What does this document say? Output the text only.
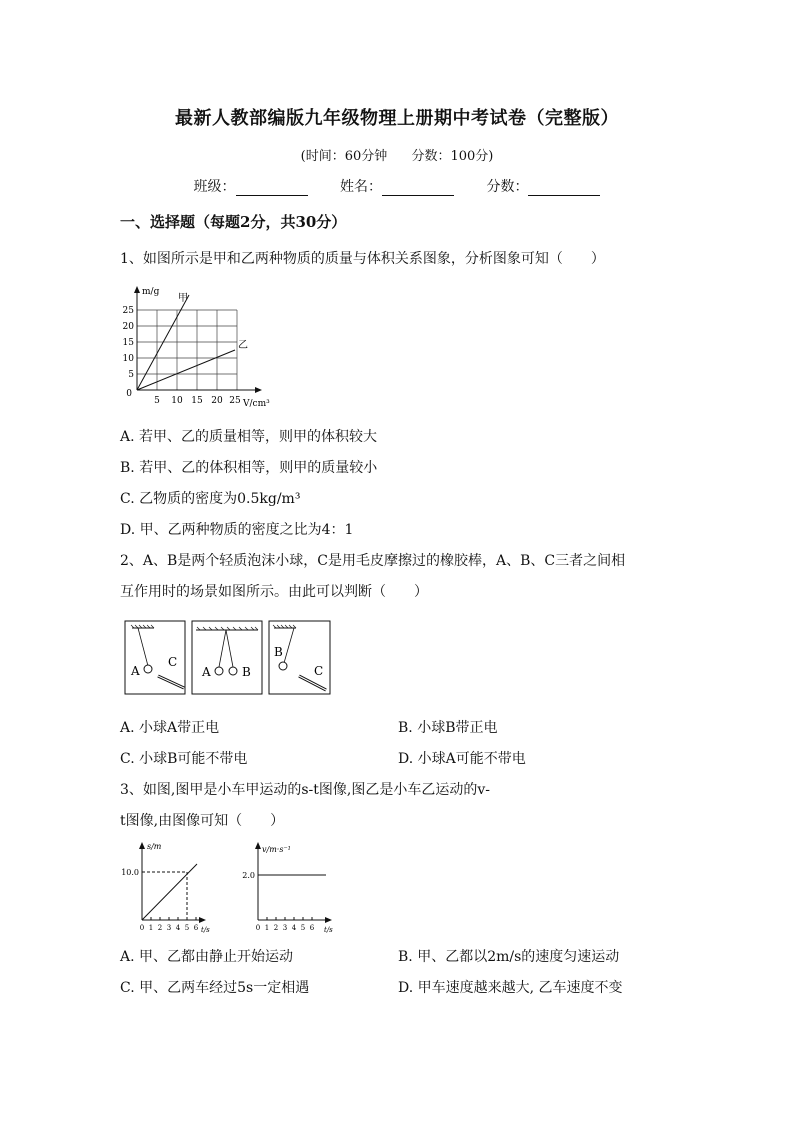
最新人教部编版九年级物理上册期中考试卷（完整版）
(时间：60分钟 分数：100分)
班级：	姓名：	分数：
一、选择题（每题2分，共30分）
1、如图所示是甲和乙两种物质的质量与体积关系图象，分析图象可知（　　）
m/g
甲
乙
25
20
15
10
5
0
5 10 15 20 25 V/cm³
A. 若甲、乙的质量相等，则甲的体积较大
B. 若甲、乙的体积相等，则甲的质量较小
C. 乙物质的密度为0.5kg/m³
D. 甲、乙两种物质的密度之比为4：1
2、A、B是两个轻质泡沫小球，C是用毛皮摩擦过的橡胶棒，A、B、C三者之间相
互作用时的场景如图所示。由此可以判断（　　）
A
C
A	B
B
C
A. 小球A带正电	B. 小球B带正电
C. 小球B可能不带电	D. 小球A可能不带电
3、如图,图甲是小车甲运动的s-t图像,图乙是小车乙运动的v-
t图像,由图像可知（　　）
s/m
10.0
0 1 2 3 4 5 6 t/s
v/m·s⁻¹
2.0
0 1 2 3 4 5 6 t/s
A. 甲、乙都由静止开始运动	B. 甲、乙都以2m/s的速度匀速运动
C. 甲、乙两车经过5s一定相遇	D. 甲车速度越来越大, 乙车速度不变
